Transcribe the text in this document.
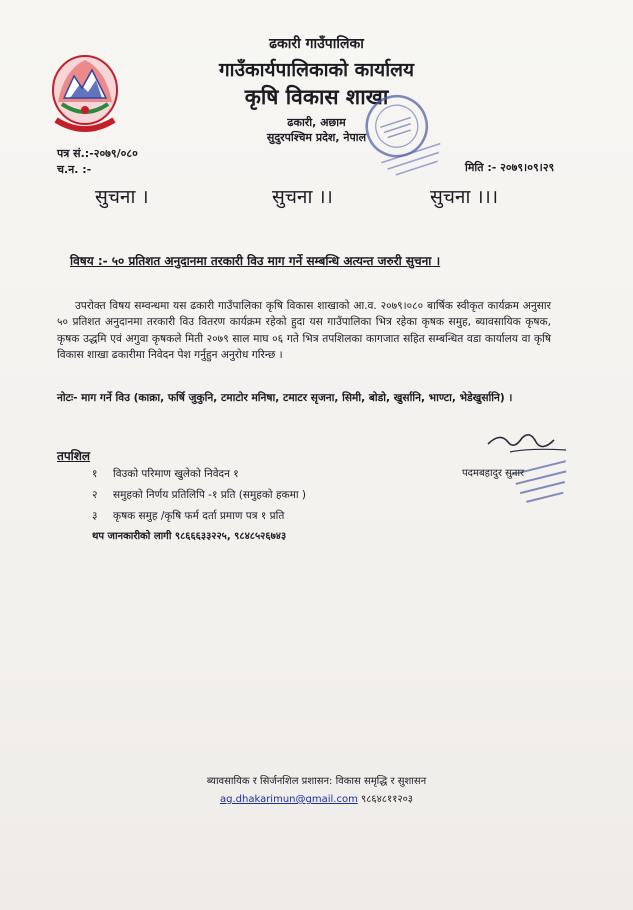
ढकारी गाउँपालिका
गाउँकार्यपालिकाको कार्यालय
कृषि विकास शाखा
ढकारी, अछाम
सुदुरपश्चिम प्रदेश, नेपाल
पत्र सं.:-२०७९/०८०
च.न. :-	मिति :- २०७९।०९।२९
सुचना ।	सुचना ।।	सुचना ।।।
विषय :- ५० प्रतिशत अनुदानमा तरकारी विउ माग गर्ने सम्बन्धि अत्यन्त जरुरी सुचना ।
उपरोक्त विषय सम्वन्धमा यस ढकारी गाउँपालिका कृषि विकास शाखाको आ.व. २०७९।०८० बार्षिक स्वीकृत कार्यक्रम अनुसार ५० प्रतिशत अनुदानमा तरकारी विउ वितरण कार्यक्रम रहेको हुदा यस गाउँपालिका भित्र रहेका कृषक समुह, ब्यावसायिक कृषक, कृषक उद्धमि एवं अगुवा कृषकले मिती २०७९ साल माघ ०६ गते भित्र तपशिलका कागजात सहित सम्बन्धित वडा कार्यालय वा कृषि विकास शाखा ढकारीमा निवेदन पेश गर्नुहुन अनुरोध गरिन्छ ।
नोटः- माग गर्ने विउ (काक्रा, फर्षि जुकुनि, टमाटोर मनिषा, टमाटर सृजना, सिमी, बोडो, खुर्सानि, भाण्टा, भेडेखुर्सानि) ।
तपशिल
१ विउको परिमाण खुलेको निवेदन १
२ समुहको निर्णय प्रतिलिपि -१ प्रति (समुहको हकमा )
३ कृषक समुह /कृषि फर्म दर्ता प्रमाण पत्र १ प्रति
थप जानकारीको लागी ९८६६६३३२२५, ९८४८५२६७४३
पदमबहादुर सुनार
ब्यावसायिक र सिर्जनशिल प्रशासन: विकास समृद्धि र सुशासन
ag.dhakarimun@gmail.com ९८६४८११२०३
